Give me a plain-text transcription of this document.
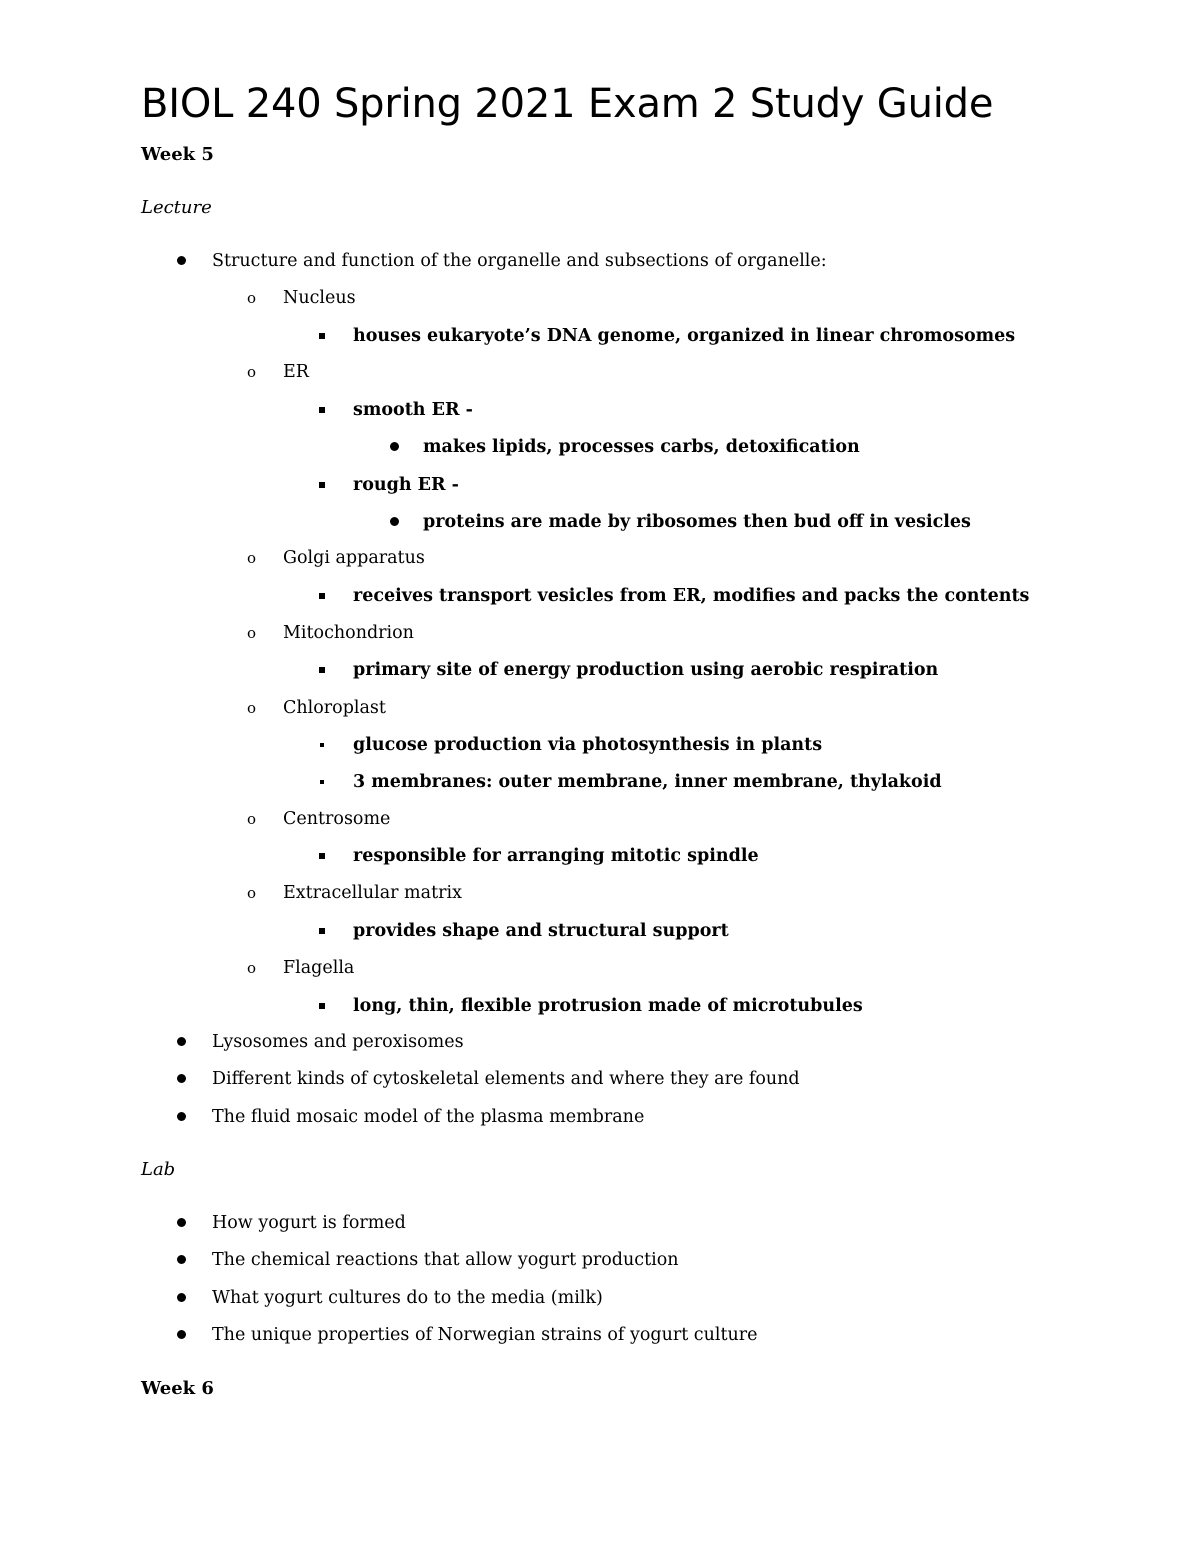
BIOL 240 Spring 2021 Exam 2 Study Guide
Week 5
Lecture
Structure and function of the organelle and subsections of organelle:
o Nucleus
houses eukaryote’s DNA genome, organized in linear chromosomes
o ER
smooth ER -
makes lipids, processes carbs, detoxification
rough ER -
proteins are made by ribosomes then bud off in vesicles
o Golgi apparatus
receives transport vesicles from ER, modifies and packs the contents
o Mitochondrion
primary site of energy production using aerobic respiration
o Chloroplast
glucose production via photosynthesis in plants
3 membranes: outer membrane, inner membrane, thylakoid
o Centrosome
responsible for arranging mitotic spindle
o Extracellular matrix
provides shape and structural support
o Flagella
long, thin, flexible protrusion made of microtubules
Lysosomes and peroxisomes
Different kinds of cytoskeletal elements and where they are found
The fluid mosaic model of the plasma membrane
Lab
How yogurt is formed
The chemical reactions that allow yogurt production
What yogurt cultures do to the media (milk)
The unique properties of Norwegian strains of yogurt culture
Week 6
